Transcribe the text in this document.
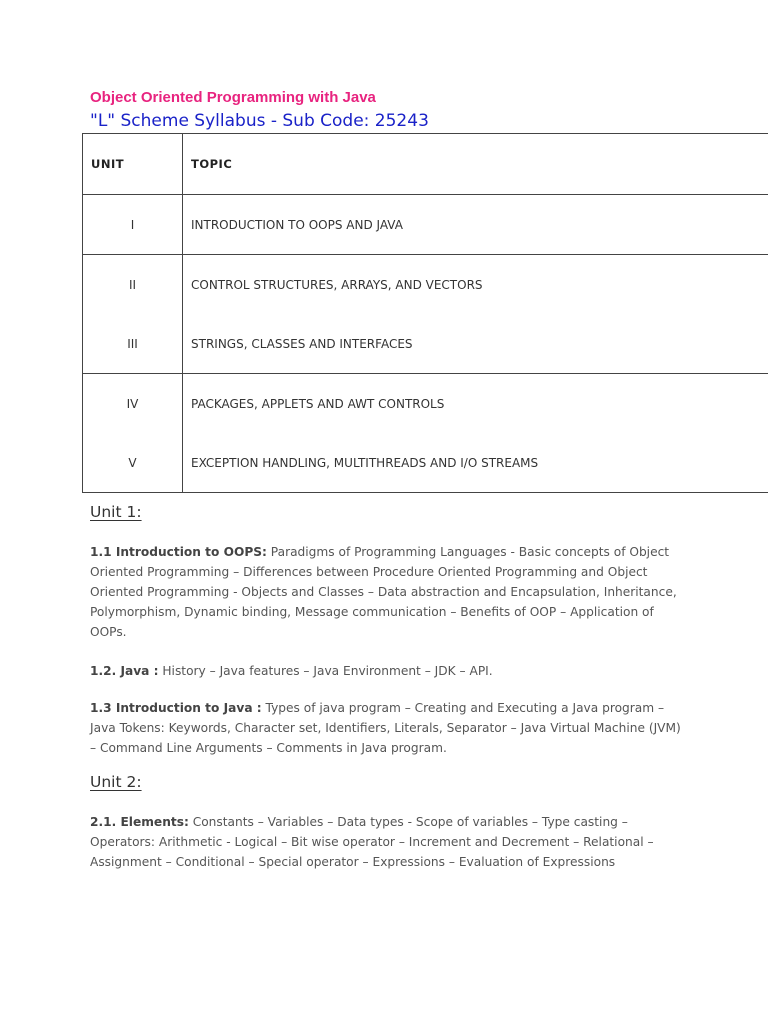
Object Oriented Programming with Java
"L" Scheme Syllabus - Sub Code: 25243
UNIT	TOPIC
I	INTRODUCTION TO OOPS AND JAVA
II	CONTROL STRUCTURES, ARRAYS, AND VECTORS
III	STRINGS, CLASSES AND INTERFACES
IV	PACKAGES, APPLETS AND AWT CONTROLS
V	EXCEPTION HANDLING, MULTITHREADS AND I/O STREAMS
Unit 1:
1.1 Introduction to OOPS: Paradigms of Programming Languages - Basic concepts of Object Oriented Programming – Differences between Procedure Oriented Programming and Object Oriented Programming - Objects and Classes – Data abstraction and Encapsulation, Inheritance, Polymorphism, Dynamic binding, Message communication – Benefits of OOP – Application of OOPs.
1.2. Java : History – Java features – Java Environment – JDK – API.
1.3 Introduction to Java : Types of java program – Creating and Executing a Java program – Java Tokens: Keywords, Character set, Identifiers, Literals, Separator – Java Virtual Machine (JVM) – Command Line Arguments – Comments in Java program.
Unit 2:
2.1. Elements: Constants – Variables – Data types - Scope of variables – Type casting – Operators: Arithmetic - Logical – Bit wise operator – Increment and Decrement – Relational – Assignment – Conditional – Special operator – Expressions – Evaluation of Expressions
